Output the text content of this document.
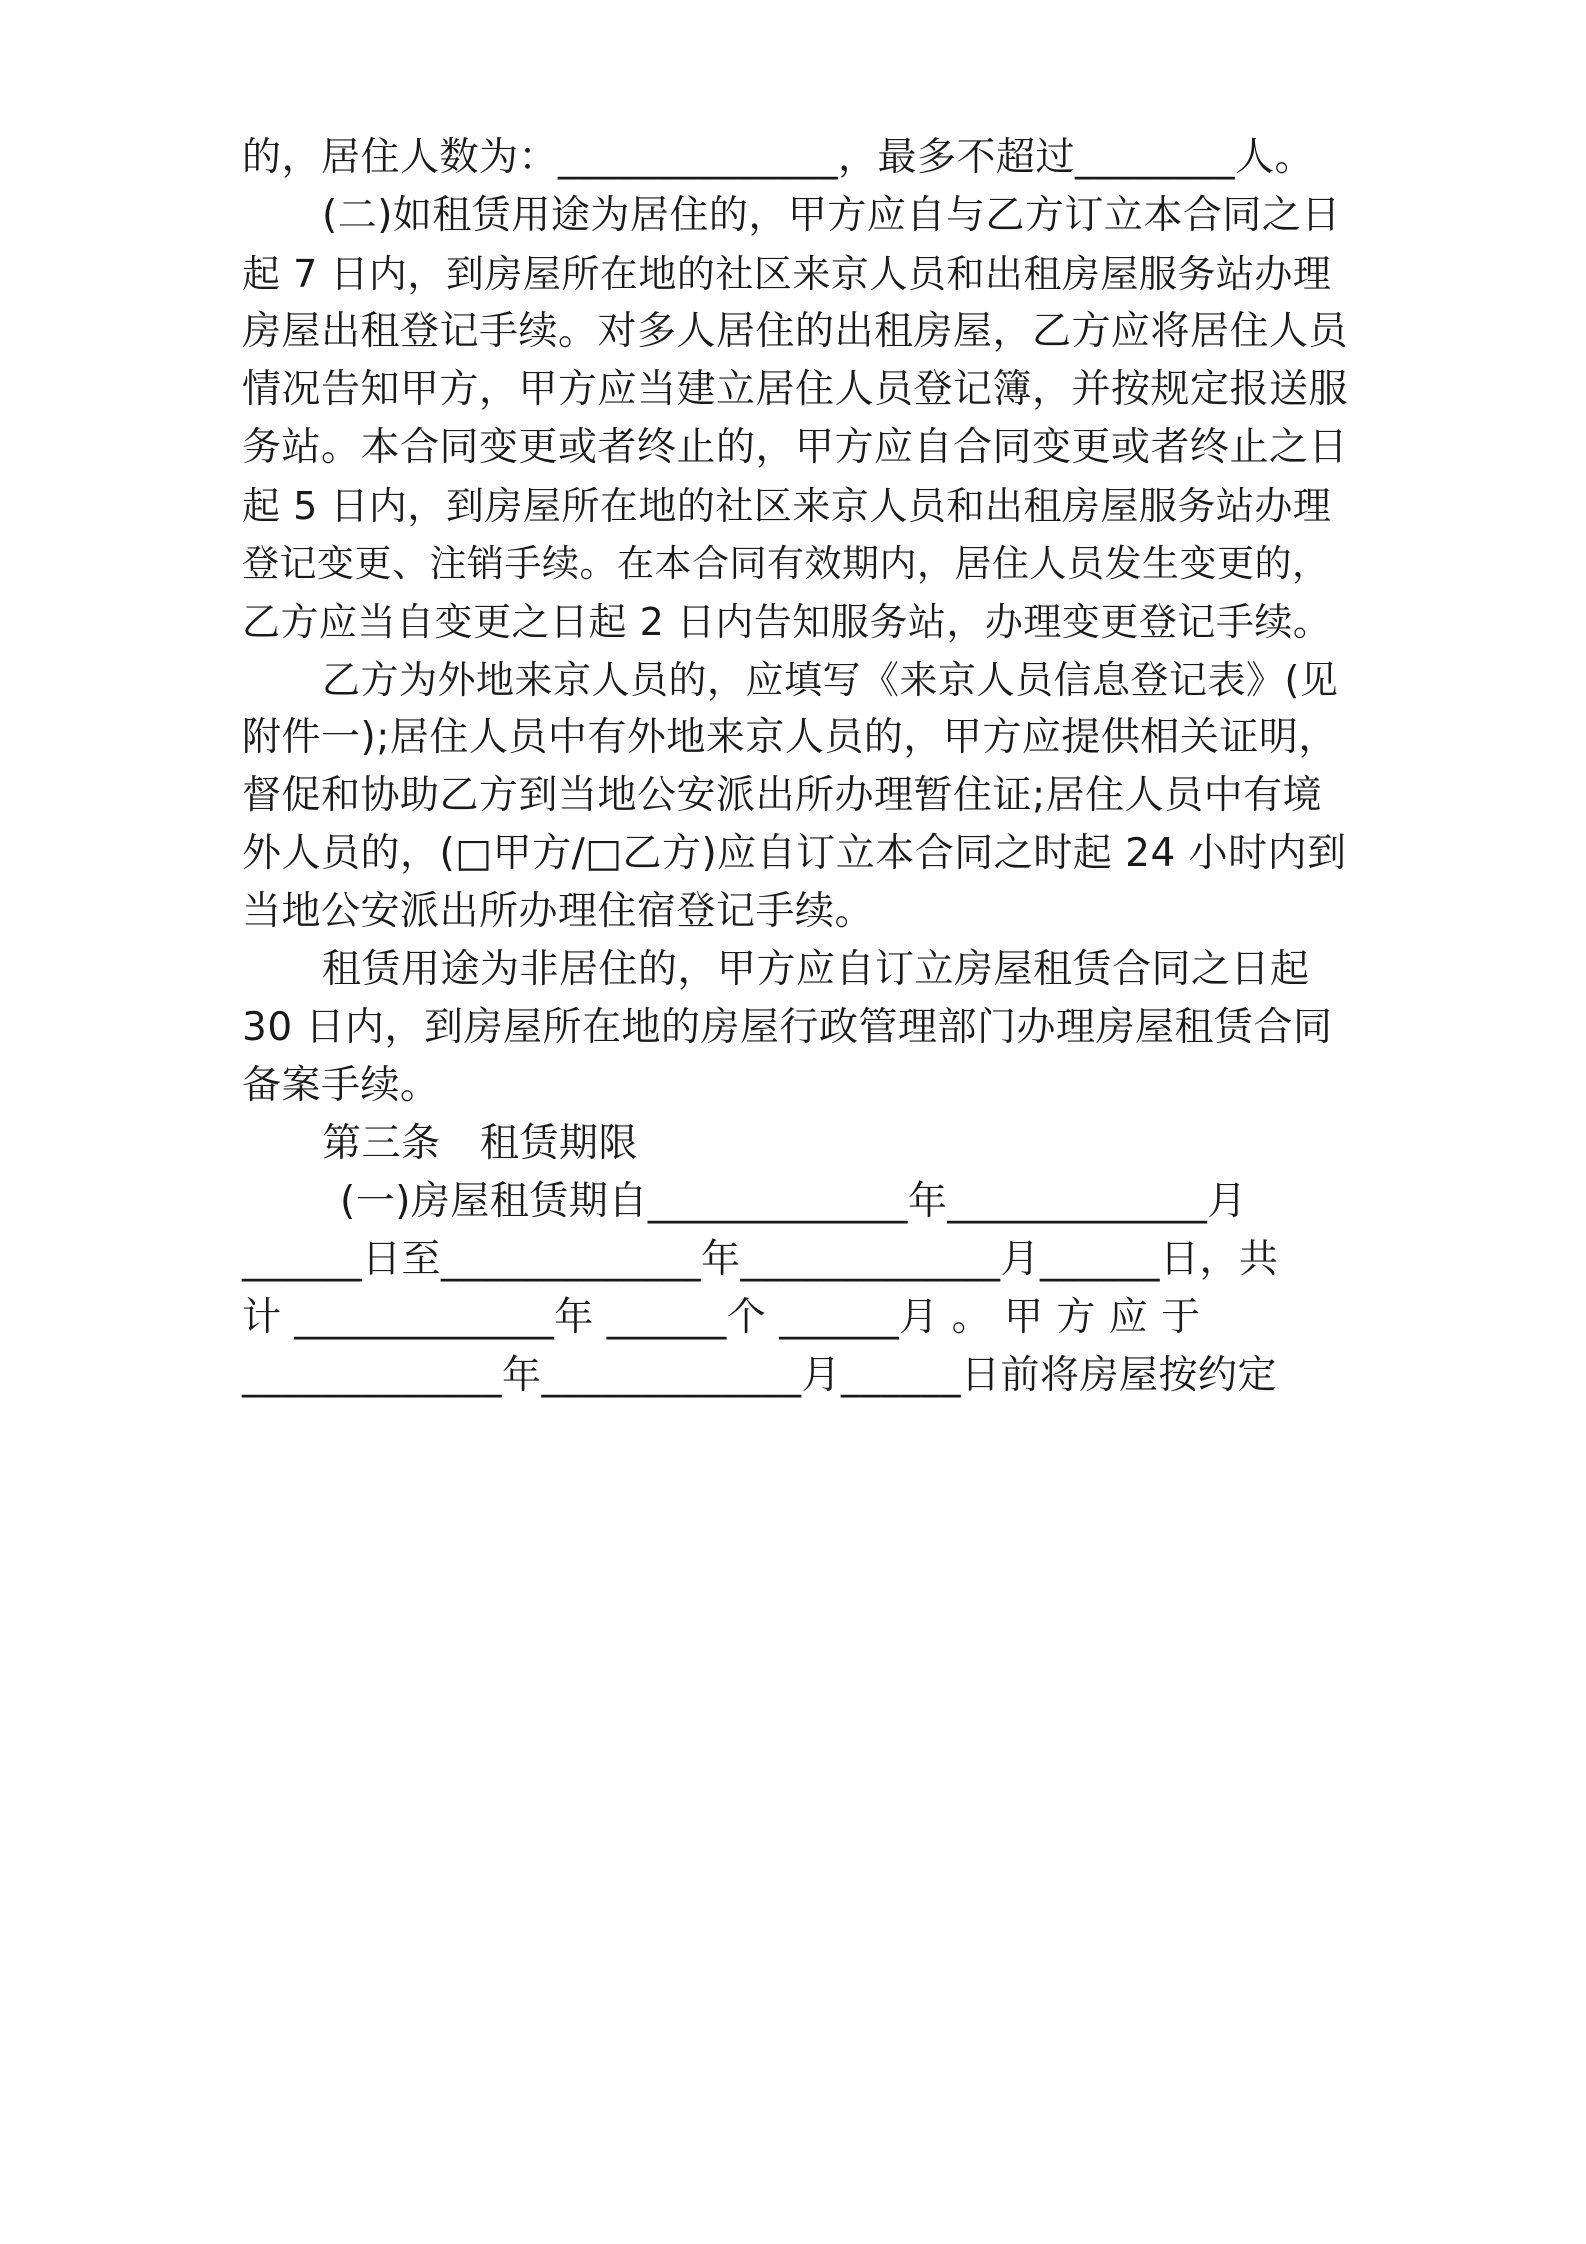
的，居住人数为：______________，最多不超过________人。
(二)如租赁用途为居住的，甲方应自与乙方订立本合同之日
起 7 日内，到房屋所在地的社区来京人员和出租房屋服务站办理
房屋出租登记手续。对多人居住的出租房屋，乙方应将居住人员
情况告知甲方，甲方应当建立居住人员登记簿，并按规定报送服
务站。本合同变更或者终止的，甲方应自合同变更或者终止之日
起 5 日内，到房屋所在地的社区来京人员和出租房屋服务站办理
登记变更、注销手续。在本合同有效期内，居住人员发生变更的，
乙方应当自变更之日起 2 日内告知服务站，办理变更登记手续。
乙方为外地来京人员的，应填写《来京人员信息登记表》(见
附件一);居住人员中有外地来京人员的，甲方应提供相关证明，
督促和协助乙方到当地公安派出所办理暂住证;居住人员中有境
外人员的，(□甲方/□乙方)应自订立本合同之时起 24 小时内到
当地公安派出所办理住宿登记手续。
租赁用途为非居住的，甲方应自订立房屋租赁合同之日起
30 日内，到房屋所在地的房屋行政管理部门办理房屋租赁合同
备案手续。
第三条　租赁期限
(一)房屋租赁期自_____________年_____________月
______日至_____________年_____________月______日，共
计 _____________年 ______个 ______月 。 甲 方 应 于
_____________年_____________月______日前将房屋按约定
